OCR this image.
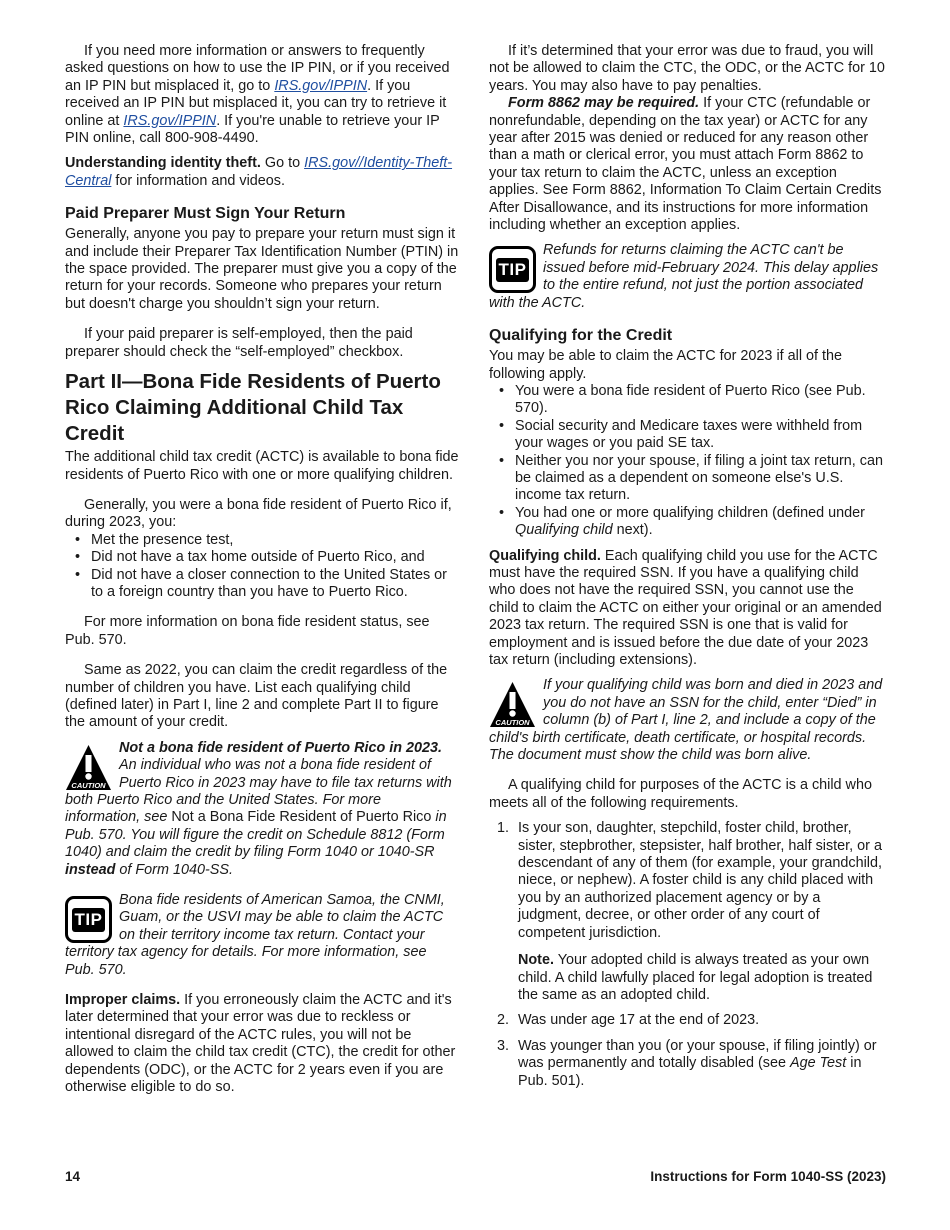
If you need more information or answers to frequently asked questions on how to use the IP PIN, or if you received an IP PIN but misplaced it, go to IRS.gov/IPPIN. If you received an IP PIN but misplaced it, you can try to retrieve it online at IRS.gov/IPPIN. If you're unable to retrieve your IP PIN online, call 800-908-4490.

Understanding identity theft. Go to IRS.gov//Identity-Theft-Central for information and videos.

Paid Preparer Must Sign Your Return

Generally, anyone you pay to prepare your return must sign it and include their Preparer Tax Identification Number (PTIN) in the space provided. The preparer must give you a copy of the return for your records. Someone who prepares your return but doesn't charge you shouldn’t sign your return.

If your paid preparer is self-employed, then the paid preparer should check the “self-employed” checkbox.

Part II—Bona Fide Residents of Puerto Rico Claiming Additional Child Tax Credit

The additional child tax credit (ACTC) is available to bona fide residents of Puerto Rico with one or more qualifying children.

Generally, you were a bona fide resident of Puerto Rico if, during 2023, you:

• Met the presence test,
• Did not have a tax home outside of Puerto Rico, and
• Did not have a closer connection to the United States or to a foreign country than you have to Puerto Rico.

For more information on bona fide resident status, see Pub. 570.

Same as 2022, you can claim the credit regardless of the number of children you have. List each qualifying child (defined later) in Part I, line 2 and complete Part II to figure the amount of your credit.

CAUTION

Not a bona fide resident of Puerto Rico in 2023. An individual who was not a bona fide resident of Puerto Rico in 2023 may have to file tax returns with both Puerto Rico and the United States. For more information, see Not a Bona Fide Resident of Puerto Rico in Pub. 570. You will figure the credit on Schedule 8812 (Form 1040) and claim the credit by filing Form 1040 or 1040-SR instead of Form 1040-SS.

TIP

Bona fide residents of American Samoa, the CNMI, Guam, or the USVI may be able to claim the ACTC on their territory income tax return. Contact your territory tax agency for details. For more information, see Pub. 570.

Improper claims. If you erroneously claim the ACTC and it's later determined that your error was due to reckless or intentional disregard of the ACTC rules, you will not be allowed to claim the child tax credit (CTC), the credit for other dependents (ODC), or the ACTC for 2 years even if you are otherwise eligible to do so.

If it’s determined that your error was due to fraud, you will not be allowed to claim the CTC, the ODC, or the ACTC for 10 years. You may also have to pay penalties.

Form 8862 may be required. If your CTC (refundable or nonrefundable, depending on the tax year) or ACTC for any year after 2015 was denied or reduced for any reason other than a math or clerical error, you must attach Form 8862 to your tax return to claim the ACTC, unless an exception applies. See Form 8862, Information To Claim Certain Credits After Disallowance, and its instructions for more information including whether an exception applies.

TIP

Refunds for returns claiming the ACTC can't be issued before mid-February 2024. This delay applies to the entire refund, not just the portion associated with the ACTC.

Qualifying for the Credit

You may be able to claim the ACTC for 2023 if all of the following apply.

• You were a bona fide resident of Puerto Rico (see Pub. 570).
• Social security and Medicare taxes were withheld from your wages or you paid SE tax.
• Neither you nor your spouse, if filing a joint tax return, can be claimed as a dependent on someone else's U.S. income tax return.
• You had one or more qualifying children (defined under Qualifying child next).

Qualifying child. Each qualifying child you use for the ACTC must have the required SSN. If you have a qualifying child who does not have the required SSN, you cannot use the child to claim the ACTC on either your original or an amended 2023 tax return. The required SSN is one that is valid for employment and is issued before the due date of your 2023 tax return (including extensions).

CAUTION

If your qualifying child was born and died in 2023 and you do not have an SSN for the child, enter “Died” in column (b) of Part I, line 2, and include a copy of the child's birth certificate, death certificate, or hospital records. The document must show the child was born alive.

A qualifying child for purposes of the ACTC is a child who meets all of the following requirements.

1. Is your son, daughter, stepchild, foster child, brother, sister, stepbrother, stepsister, half brother, half sister, or a descendant of any of them (for example, your grandchild, niece, or nephew). A foster child is any child placed with you by an authorized placement agency or by a judgment, decree, or other order of any court of competent jurisdiction.

Note. Your adopted child is always treated as your own child. A child lawfully placed for legal adoption is treated the same as an adopted child.

2. Was under age 17 at the end of 2023.
3. Was younger than you (or your spouse, if filing jointly) or was permanently and totally disabled (see Age Test in Pub. 501).
14	Instructions for Form 1040-SS (2023)
